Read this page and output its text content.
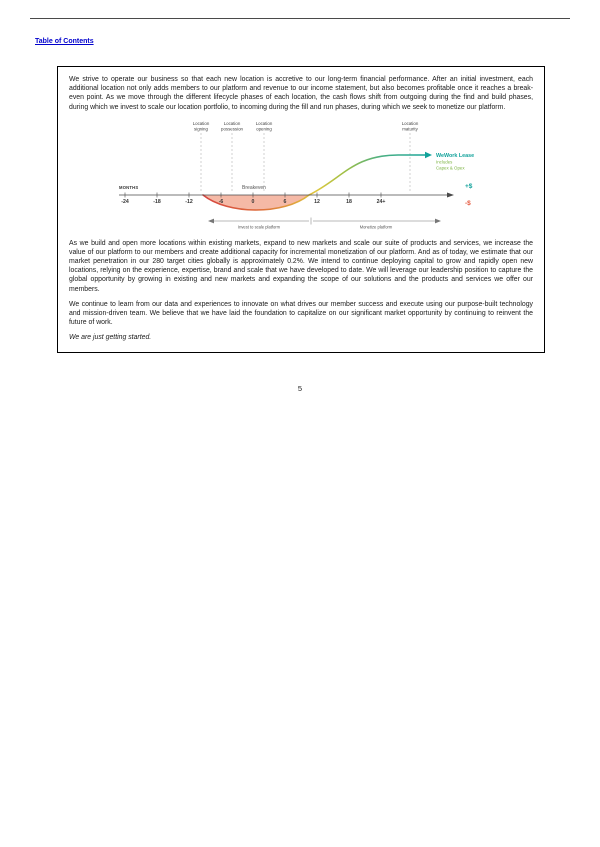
Table of Contents

We strive to operate our business so that each new location is accretive to our long-term financial performance. After an initial investment, each additional location not only adds members to our platform and revenue to our income statement, but also becomes profitable once it reaches a break-even point. As we move through the different lifecycle phases of each location, the cash flows shift from outgoing during the find and build phases, during which we invest to scale our location portfolio, to incoming during the fill and run phases, during which we seek to monetize our platform.

Location
signing
Location
possession
Location
opening
Location
maturity
-24	-18	-12	-6	0	6	12	18	24+
MONTHS	Breakeven	+$
-$
WeWork Lease
Includes
Capex & Opex
Invest to scale platform	Monetize platform

As we build and open more locations within existing markets, expand to new markets and scale our suite of products and services, we increase the value of our platform to our members and create additional capacity for incremental monetization of our platform. And as of today, we estimate that our market penetration in our 280 target cities globally is approximately 0.2%. We intend to continue deploying capital to grow and rapidly open new locations, relying on the experience, expertise, brand and scale that we have developed to date. We will leverage our leadership position to capture the global opportunity by growing in existing and new markets and expanding the scope of our solutions and the products and services we offer our members.

We continue to learn from our data and experiences to innovate on what drives our member success and execute using our purpose-built technology and mission-driven team. We believe that we have laid the foundation to capitalize on our significant market opportunity by continuing to reinvent the future of work.

We are just getting started.

5
